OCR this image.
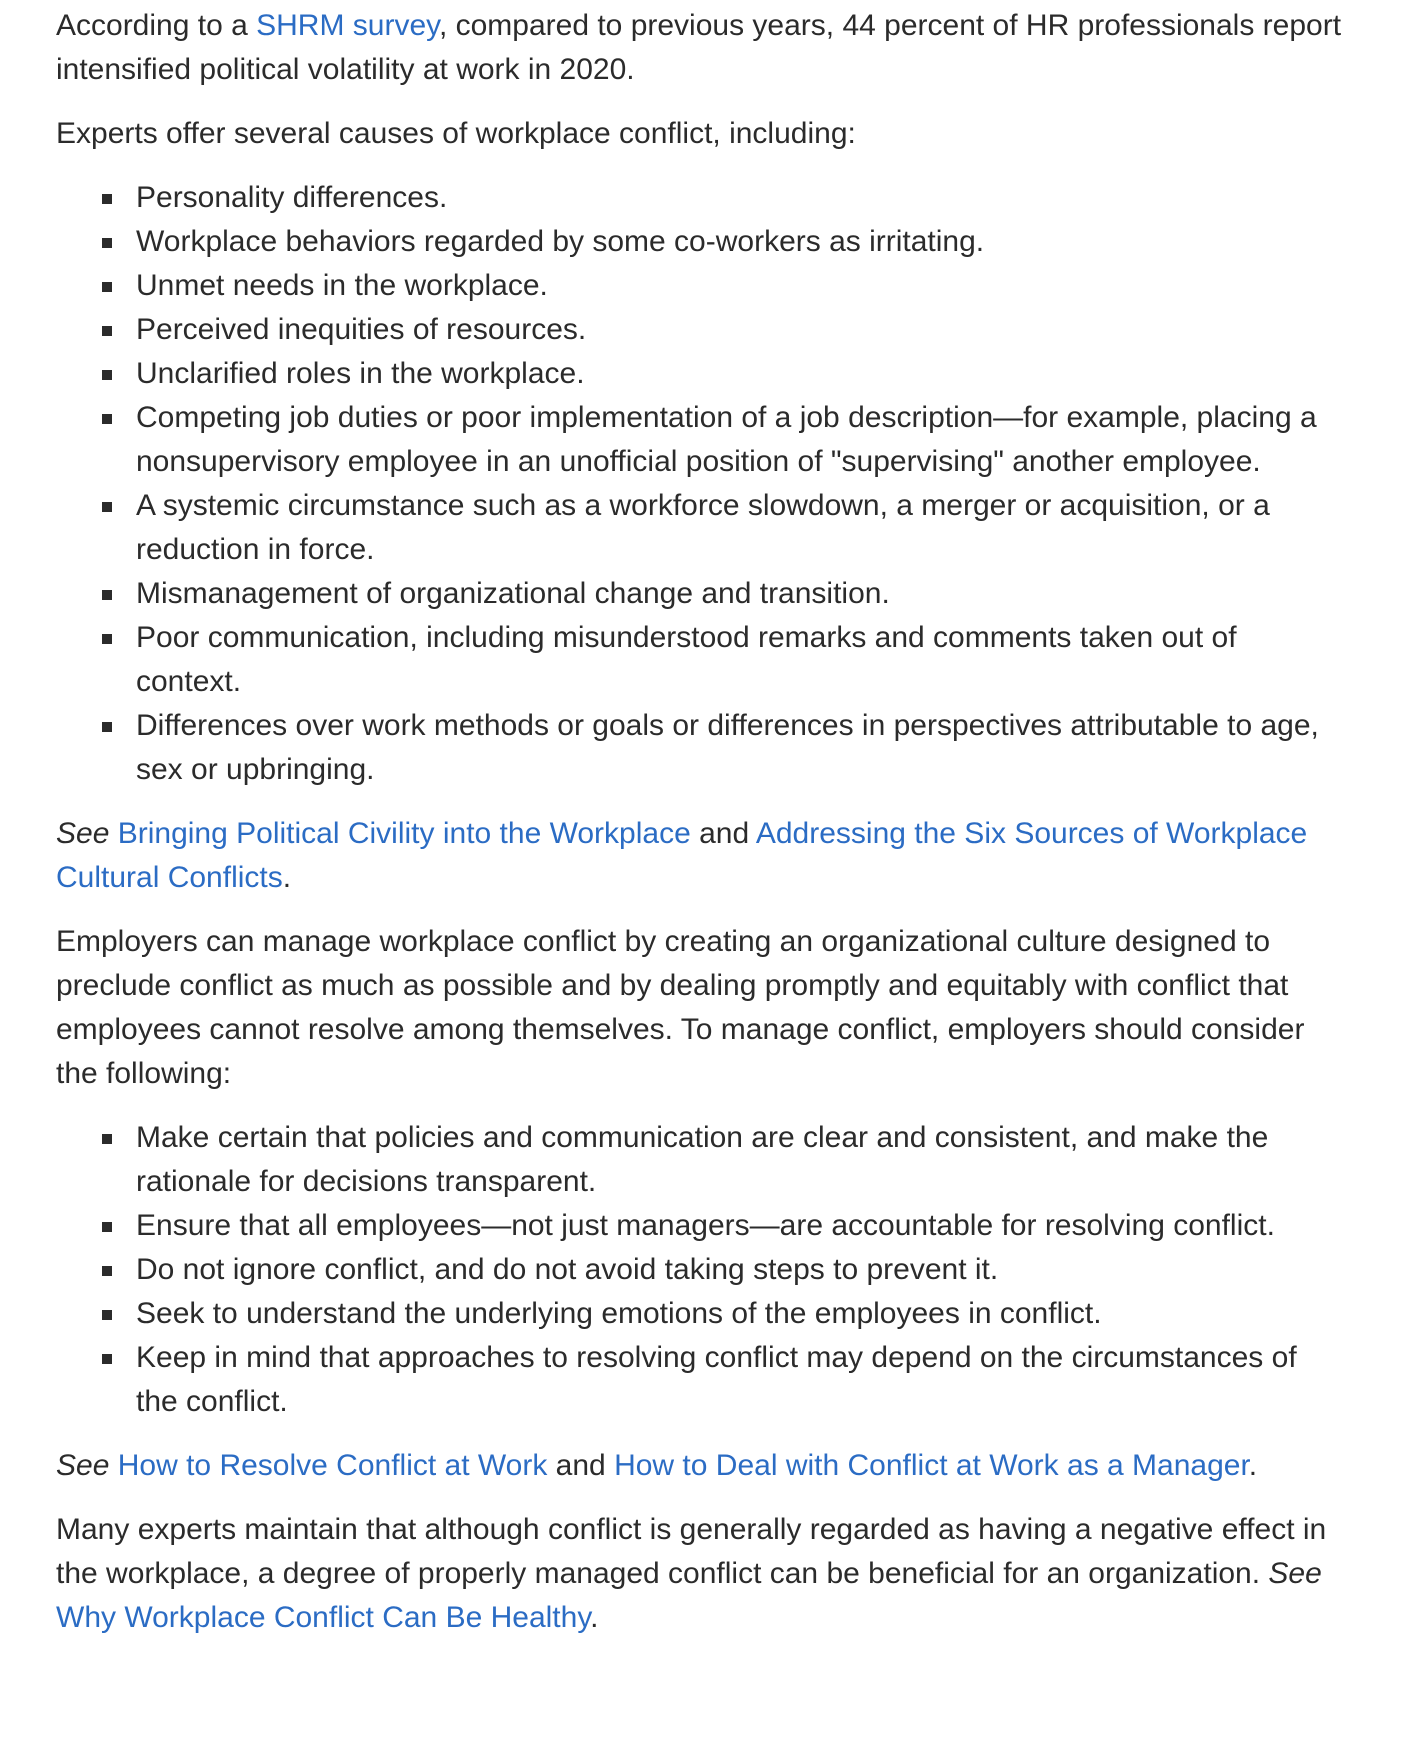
According to a SHRM survey, compared to previous years, 44 percent of HR professionals report intensified political volatility at work in 2020.

Experts offer several causes of workplace conflict, including:

Personality differences.
Workplace behaviors regarded by some co-workers as irritating.
Unmet needs in the workplace.
Perceived inequities of resources.
Unclarified roles in the workplace.
Competing job duties or poor implementation of a job description—for example, placing a nonsupervisory employee in an unofficial position of "supervising" another employee.
A systemic circumstance such as a workforce slowdown, a merger or acquisition, or a reduction in force.
Mismanagement of organizational change and transition.
Poor communication, including misunderstood remarks and comments taken out of context.
Differences over work methods or goals or differences in perspectives attributable to age, sex or upbringing.

See Bringing Political Civility into the Workplace and Addressing the Six Sources of Workplace Cultural Conflicts.

Employers can manage workplace conflict by creating an organizational culture designed to preclude conflict as much as possible and by dealing promptly and equitably with conflict that employees cannot resolve among themselves. To manage conflict, employers should consider the following:

Make certain that policies and communication are clear and consistent, and make the rationale for decisions transparent.
Ensure that all employees—not just managers—are accountable for resolving conflict.
Do not ignore conflict, and do not avoid taking steps to prevent it.
Seek to understand the underlying emotions of the employees in conflict.
Keep in mind that approaches to resolving conflict may depend on the circumstances of the conflict.

See How to Resolve Conflict at Work and How to Deal with Conflict at Work as a Manager.

Many experts maintain that although conflict is generally regarded as having a negative effect in the workplace, a degree of properly managed conflict can be beneficial for an organization. See Why Workplace Conflict Can Be Healthy.
